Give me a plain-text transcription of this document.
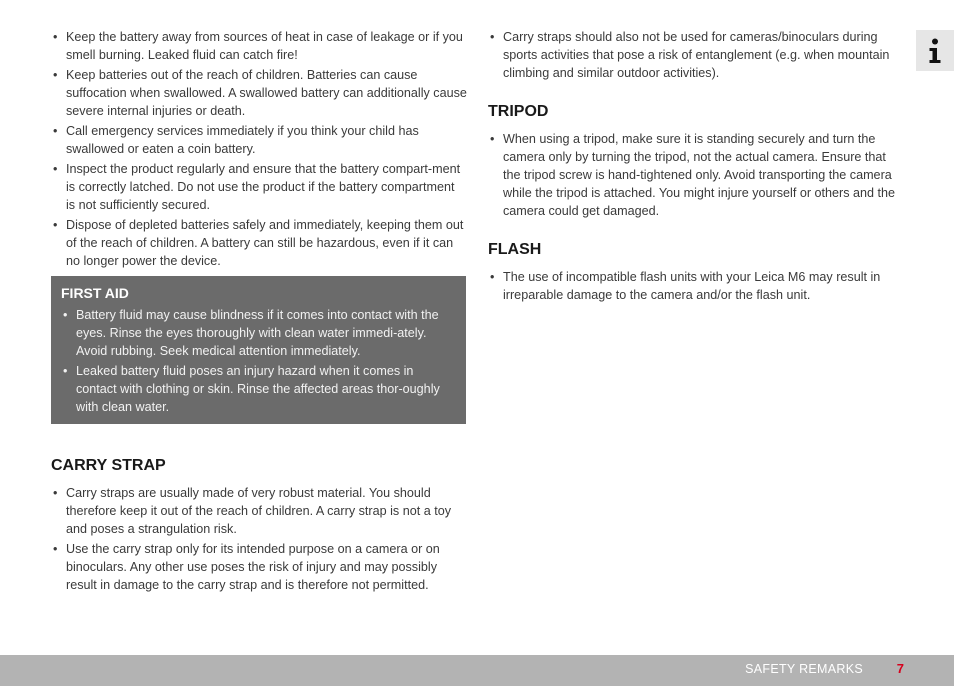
• Keep the battery away from sources of heat in case of leakage or if you smell burning. Leaked fluid can catch fire!
• Keep batteries out of the reach of children. Batteries can cause suffocation when swallowed. A swallowed battery can additionally cause severe internal injuries or death.
• Call emergency services immediately if you think your child has swallowed or eaten a coin battery.
• Inspect the product regularly and ensure that the battery compart-ment is correctly latched. Do not use the product if the battery compartment is not sufficiently secured.
• Dispose of depleted batteries safely and immediately, keeping them out of the reach of children. A battery can still be hazardous, even if it can no longer power the device.
FIRST AID
• Battery fluid may cause blindness if it comes into contact with the eyes. Rinse the eyes thoroughly with clean water immedi-ately. Avoid rubbing. Seek medical attention immediately.
• Leaked battery fluid poses an injury hazard when it comes in contact with clothing or skin. Rinse the affected areas thor-oughly with clean water.
CARRY STRAP
• Carry straps are usually made of very robust material. You should therefore keep it out of the reach of children. A carry strap is not a toy and poses a strangulation risk.
• Use the carry strap only for its intended purpose on a camera or on binoculars. Any other use poses the risk of injury and may possibly result in damage to the carry strap and is therefore not permitted.
• Carry straps should also not be used for cameras/binoculars during sports activities that pose a risk of entanglement (e.g. when mountain climbing and similar outdoor activities).
TRIPOD
• When using a tripod, make sure it is standing securely and turn the camera only by turning the tripod, not the actual camera. Ensure that the tripod screw is hand-tightened only. Avoid transporting the camera while the tripod is attached. You might injure yourself or others and the camera could get damaged.
FLASH
• The use of incompatible flash units with your Leica M6 may result in irreparable damage to the camera and/or the flash unit.
SAFETY REMARKS	7
